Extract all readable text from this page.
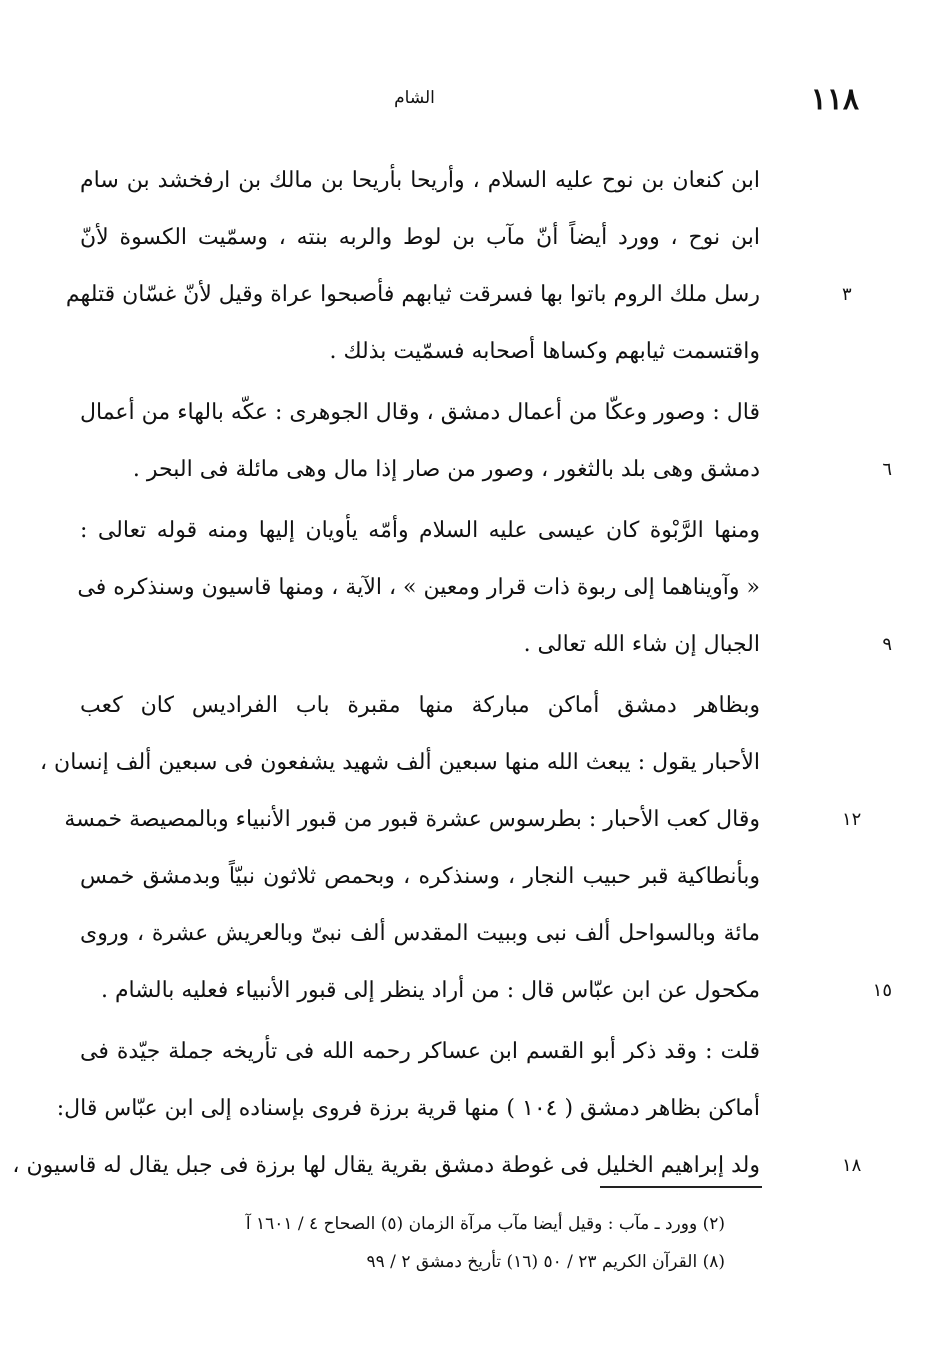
١١٨
الشام
ابن كنعان بن نوح عليه السلام ، وأريحا بأريحا بن مالك بن ارفخشد بن سام
ابن نوح ، وورد أيضاً أنّ مآب بن لوط والربه بنته ، وسمّيت الكسوة لأنّ
رسل ملك الروم باتوا بها فسرقت ثيابهم فأصبحوا عراة وقيل لأنّ غسّان قتلهم	٣
واقتسمت ثيابهم وكساها أصحابه فسمّيت بذلك .
قال : وصور وعكّا من أعمال دمشق ، وقال الجوهرى : عكّه بالهاء من أعمال
دمشق وهى بلد بالثغور ، وصور من صار إذا مال وهى مائلة فى البحر .	٦
ومنها الرَّبْوة كان عيسى عليه السلام وأمّه يأويان إليها ومنه قوله تعالى :
« وآويناهما إلى ربوة ذات قرار ومعين » ، الآية ، ومنها قاسيون وسنذكره فى
الجبال إن شاء الله تعالى .	٩
وبظاهر دمشق أماكن مباركة منها مقبرة باب الفراديس كان كعب
الأحبار يقول : يبعث الله منها سبعين ألف شهيد يشفعون فى سبعين ألف إنسان ،
وقال كعب الأحبار : بطرسوس عشرة قبور من قبور الأنبياء وبالمصيصة خمسة	١٢
وبأنطاكية قبر حبيب النجار ، وسنذكره ، وبحمص ثلاثون نبيّاً وبدمشق خمس
مائة وبالسواحل ألف نبى وببيت المقدس ألف نبىّ وبالعريش عشرة ، وروى
مكحول عن ابن عبّاس قال : من أراد ينظر إلى قبور الأنبياء فعليه بالشام .	١٥
قلت : وقد ذكر أبو القسم ابن عساكر رحمه الله فى تأريخه جملة جيّدة فى
أماكن بظاهر دمشق ( ١٠٤ ) منها قرية برزة فروى بإسناده إلى ابن عبّاس قال:
ولد إبراهيم الخليل فى غوطة دمشق بقرية يقال لها برزة فى جبل يقال له قاسيون ،	١٨
(٢) وورد ـ مآب : وقيل أيضا مآب مرآة الزمان (٥) الصحاح ٤ / ١٦٠١ آ
(٨) القرآن الكريم ٢٣ / ٥٠ (١٦) تأريخ دمشق ٢ / ٩٩
